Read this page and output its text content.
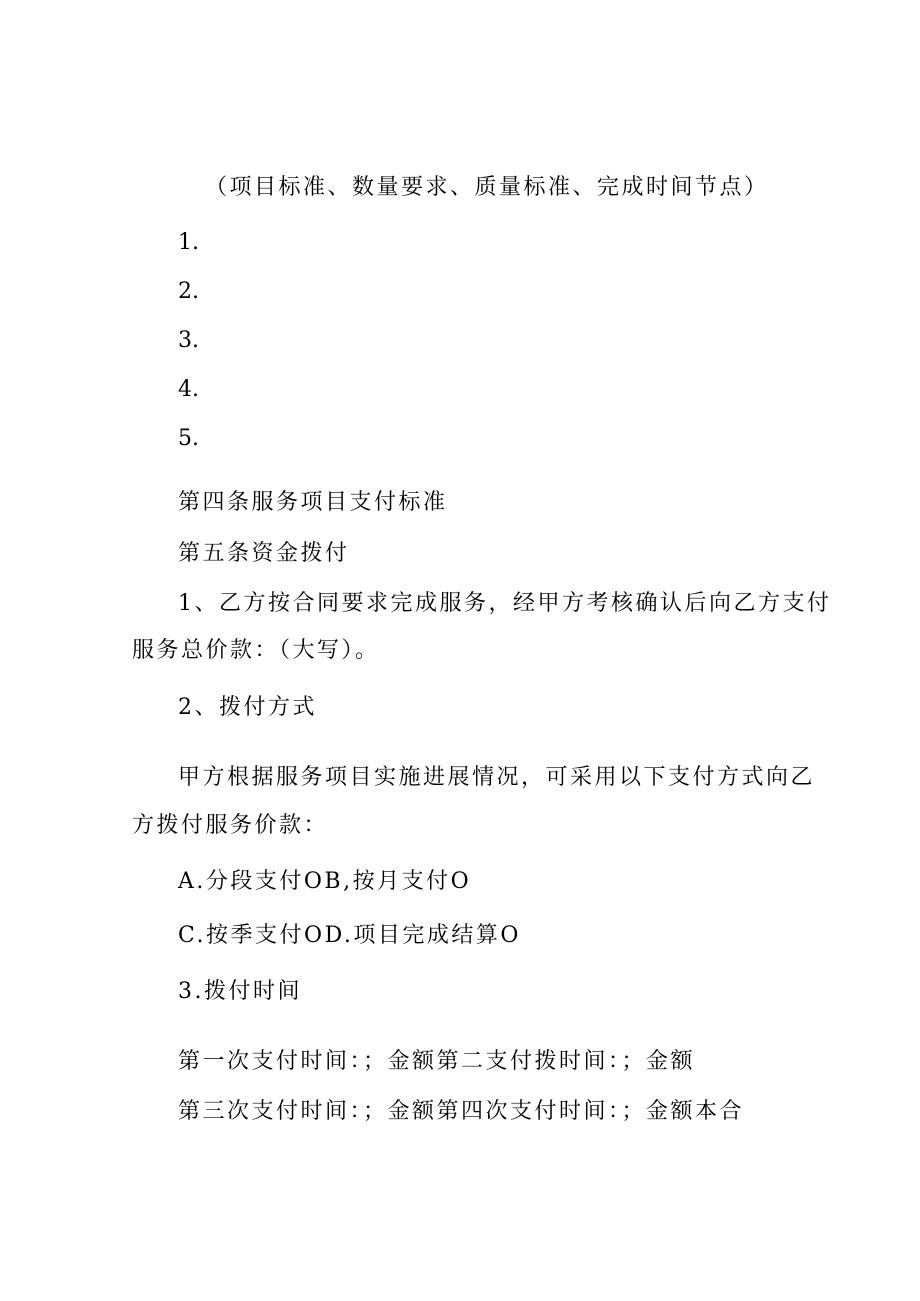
（项目标准、数量要求、质量标准、完成时间节点）
1.
2.
3.
4.
5.
第四条服务项目支付标准
第五条资金拨付
1、乙方按合同要求完成服务，经甲方考核确认后向乙方支付
服务总价款：（大写）。
2、拨付方式
甲方根据服务项目实施进展情况，可采用以下支付方式向乙
方拨付服务价款：
A.分段支付OB,按月支付O
C.按季支付OD.项目完成结算O
3.拨付时间
第一次支付时间：；金额第二支付拨时间：；金额
第三次支付时间：；金额第四次支付时间：；金额本合
